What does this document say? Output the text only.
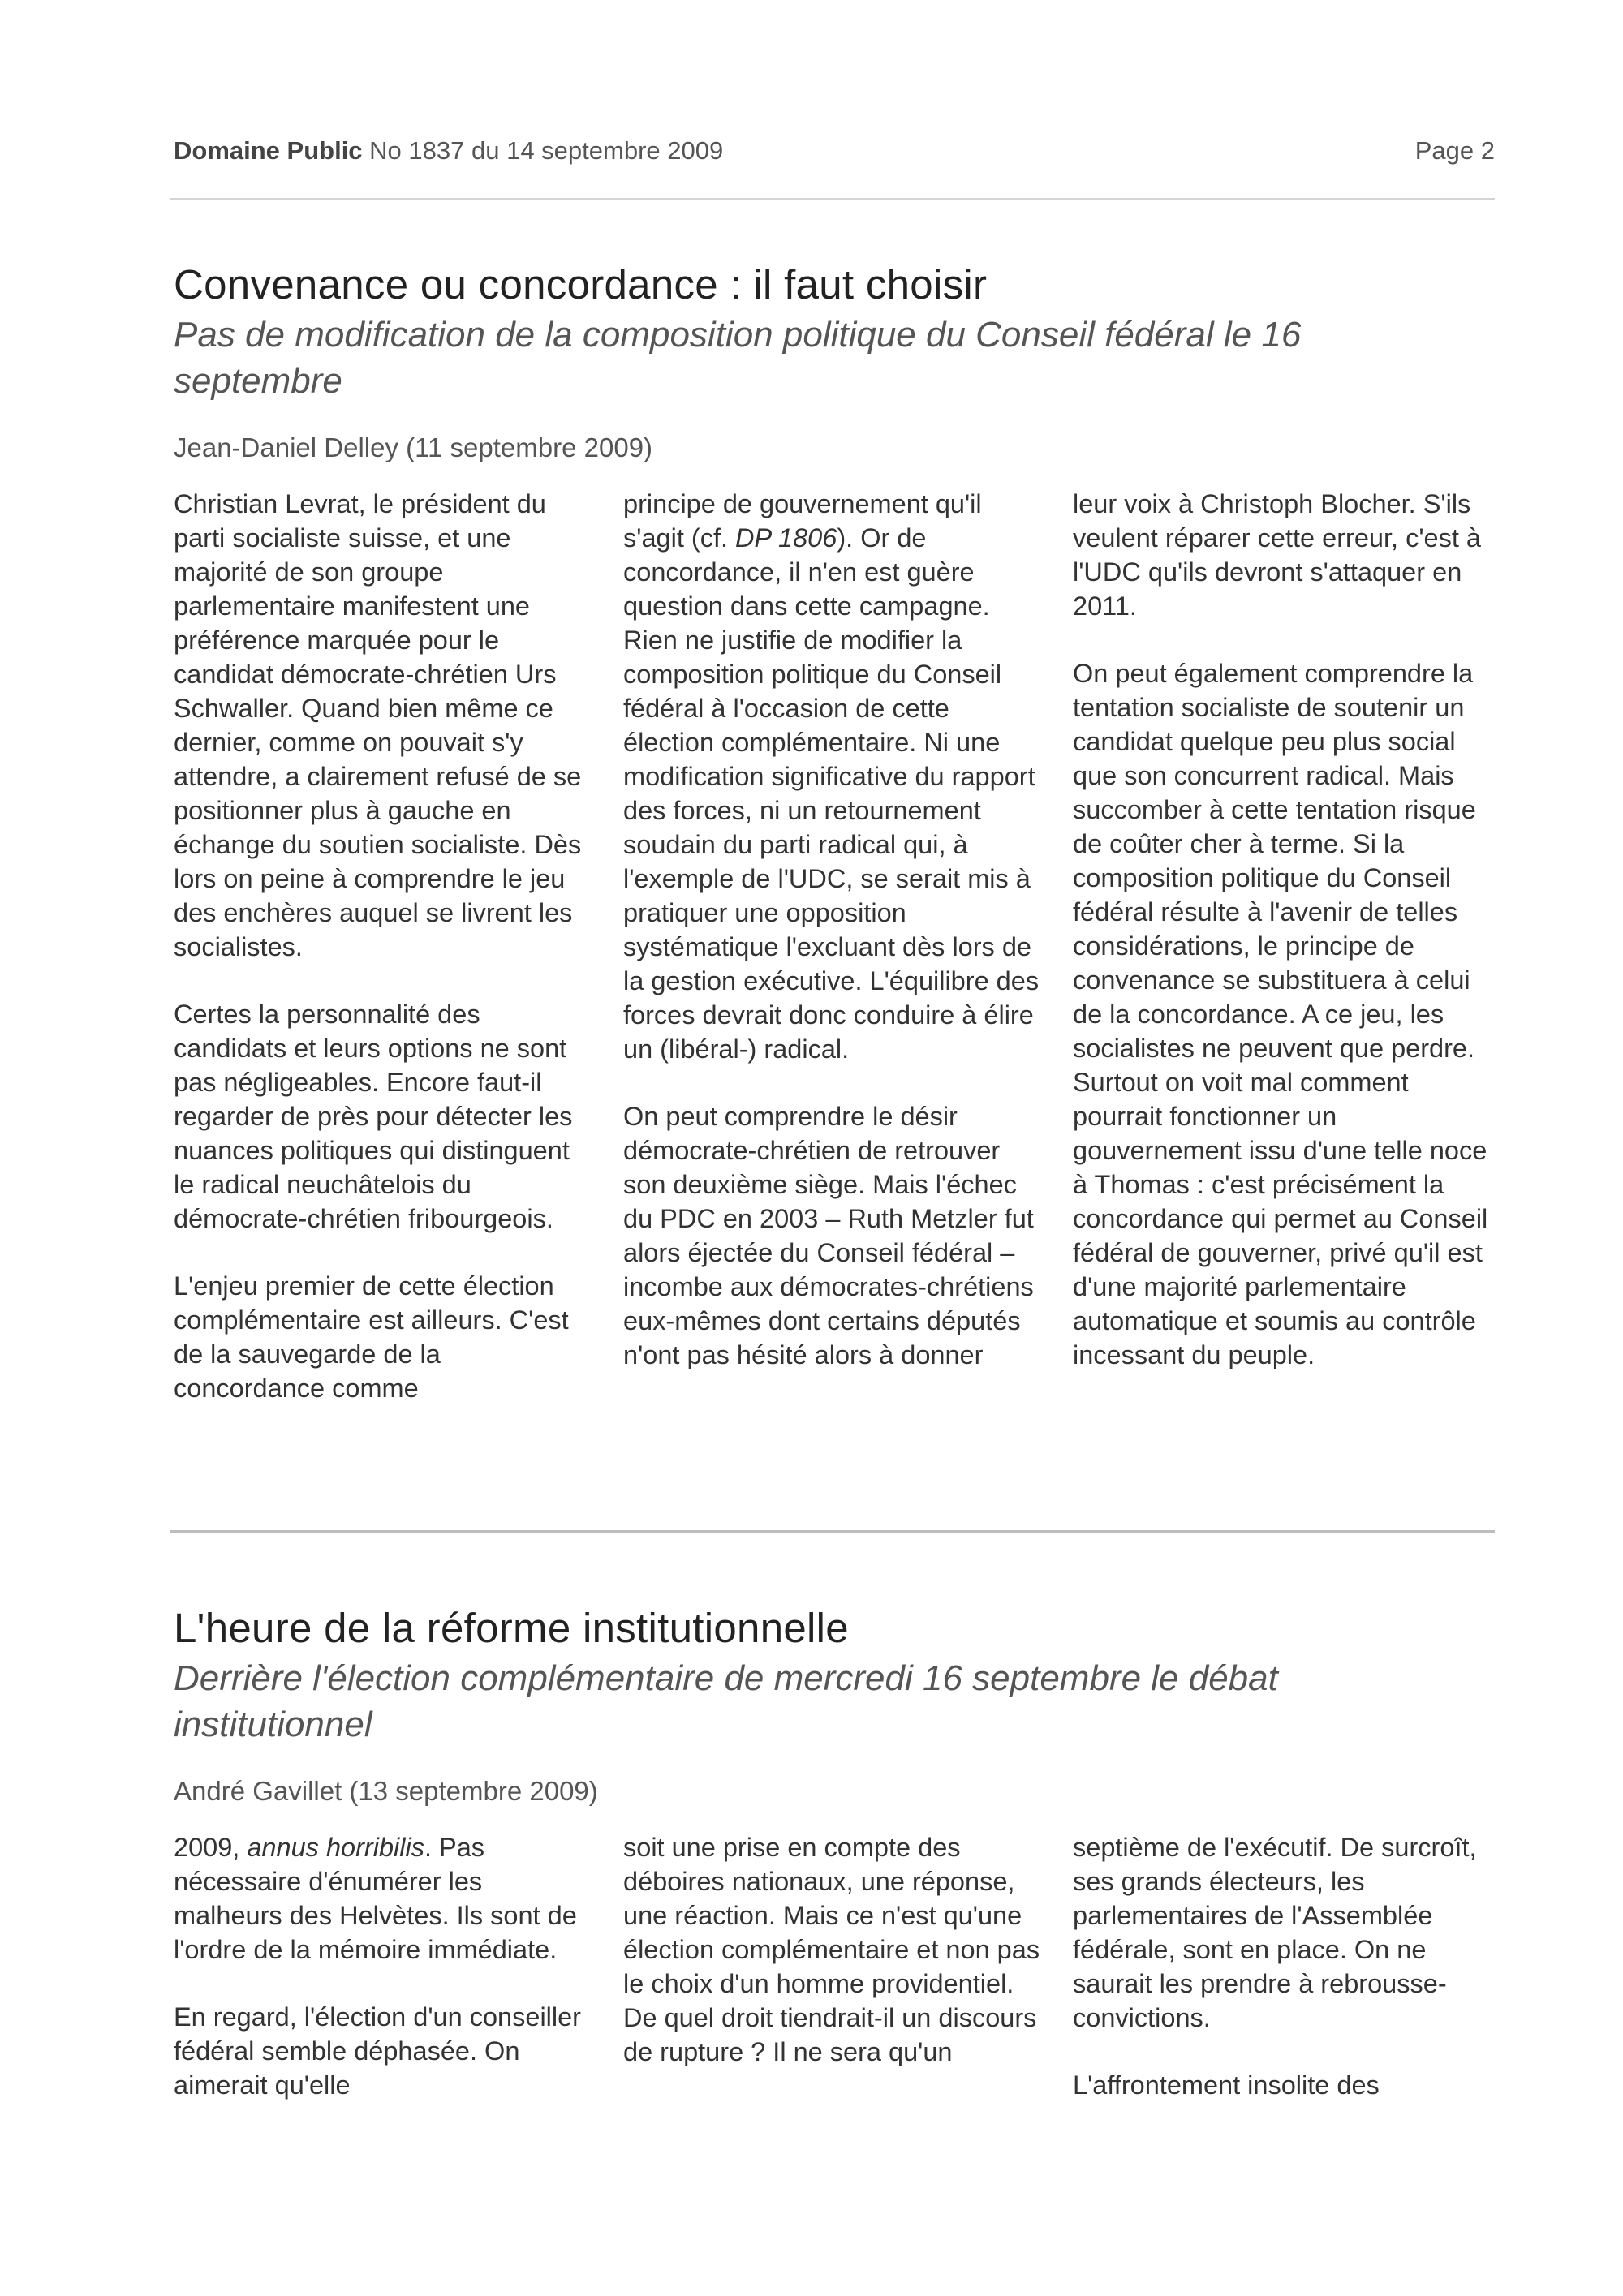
Domaine Public No 1837 du 14 septembre 2009	Page 2
Convenance ou concordance : il faut choisir
Pas de modification de la composition politique du Conseil fédéral le 16 septembre
Jean-Daniel Delley (11 septembre 2009)

Christian Levrat, le président du parti socialiste suisse, et une majorité de son groupe parlementaire manifestent une préférence marquée pour le candidat démocrate-chrétien Urs Schwaller. Quand bien même ce dernier, comme on pouvait s'y attendre, a clairement refusé de se positionner plus à gauche en échange du soutien socialiste. Dès lors on peine à comprendre le jeu des enchères auquel se livrent les socialistes.

Certes la personnalité des candidats et leurs options ne sont pas négligeables. Encore faut-il regarder de près pour détecter les nuances politiques qui distinguent le radical neuchâtelois du démocrate-chrétien fribourgeois.

L'enjeu premier de cette élection complémentaire est ailleurs. C'est de la sauvegarde de la concordance comme

principe de gouvernement qu'il s'agit (cf. DP 1806). Or de concordance, il n'en est guère question dans cette campagne. Rien ne justifie de modifier la composition politique du Conseil fédéral à l'occasion de cette élection complémentaire. Ni une modification significative du rapport des forces, ni un retournement soudain du parti radical qui, à l'exemple de l'UDC, se serait mis à pratiquer une opposition systématique l'excluant dès lors de la gestion exécutive. L'équilibre des forces devrait donc conduire à élire un (libéral-) radical.

On peut comprendre le désir démocrate-chrétien de retrouver son deuxième siège. Mais l'échec du PDC en 2003 – Ruth Metzler fut alors éjectée du Conseil fédéral – incombe aux démocrates-chrétiens eux-mêmes dont certains députés n'ont pas hésité alors à donner

leur voix à Christoph Blocher. S'ils veulent réparer cette erreur, c'est à l'UDC qu'ils devront s'attaquer en 2011.

On peut également comprendre la tentation socialiste de soutenir un candidat quelque peu plus social que son concurrent radical. Mais succomber à cette tentation risque de coûter cher à terme. Si la composition politique du Conseil fédéral résulte à l'avenir de telles considérations, le principe de convenance se substituera à celui de la concordance. A ce jeu, les socialistes ne peuvent que perdre. Surtout on voit mal comment pourrait fonctionner un gouvernement issu d'une telle noce à Thomas : c'est précisément la concordance qui permet au Conseil fédéral de gouverner, privé qu'il est d'une majorité parlementaire automatique et soumis au contrôle incessant du peuple.

L'heure de la réforme institutionnelle
Derrière l'élection complémentaire de mercredi 16 septembre le débat institutionnel
André Gavillet (13 septembre 2009)

2009, annus horribilis. Pas nécessaire d'énumérer les malheurs des Helvètes. Ils sont de l'ordre de la mémoire immédiate.

En regard, l'élection d'un conseiller fédéral semble déphasée. On aimerait qu'elle

soit une prise en compte des déboires nationaux, une réponse, une réaction. Mais ce n'est qu'une élection complémentaire et non pas le choix d'un homme providentiel. De quel droit tiendrait-il un discours de rupture ? Il ne sera qu'un

septième de l'exécutif. De surcroît, ses grands électeurs, les parlementaires de l'Assemblée fédérale, sont en place. On ne saurait les prendre à rebrousse-convictions.

L'affrontement insolite des
